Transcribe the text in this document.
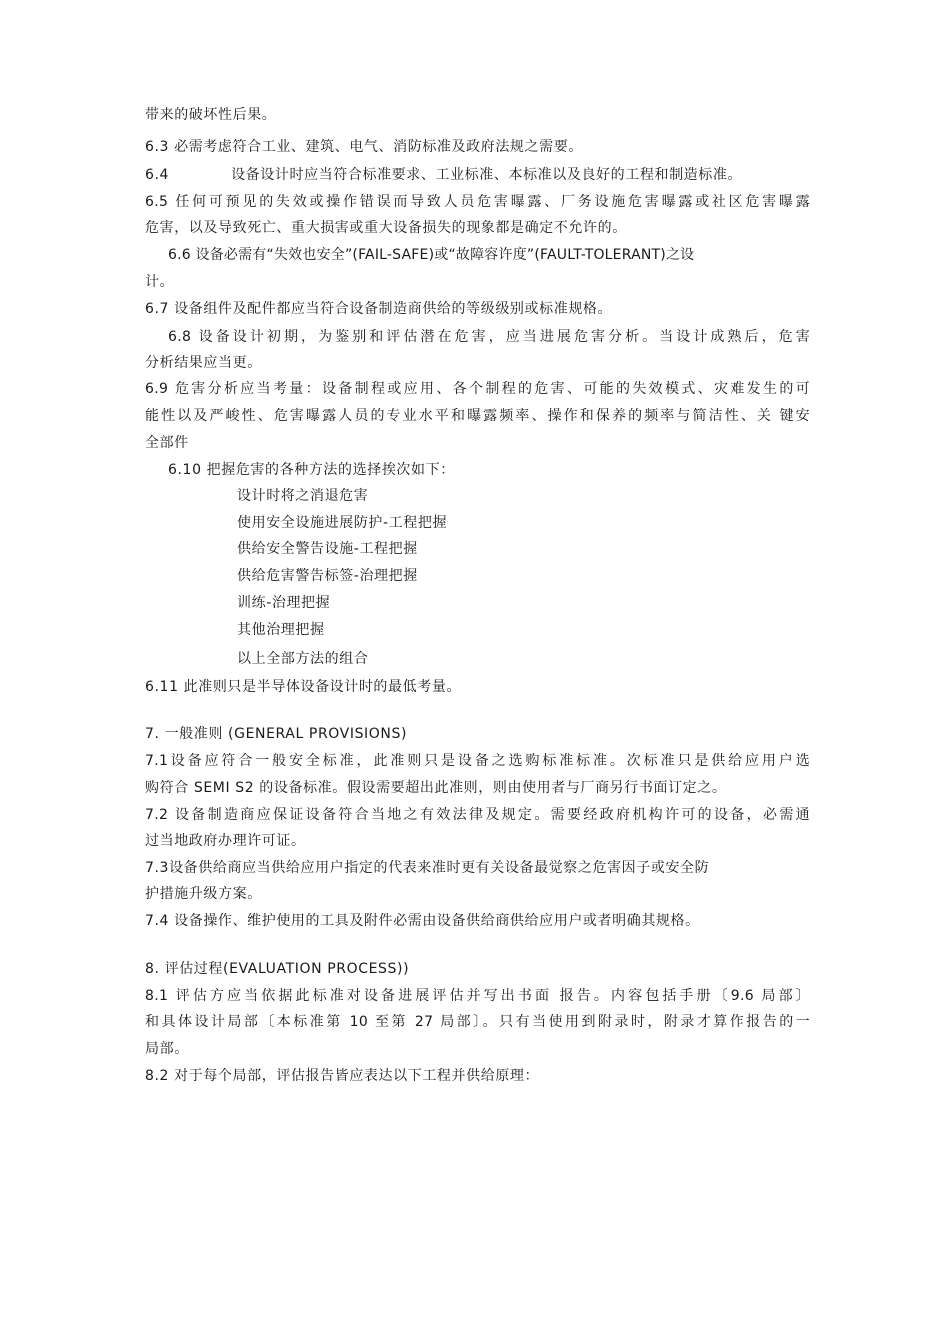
带来的破坏性后果。
6.3 必需考虑符合工业、建筑、电气、消防标准及政府法规之需要。
6.4	设备设计时应当符合标准要求、工业标准、本标准以及良好的工程和制造标准。
6.5 任何可预见的失效或操作错误而导致人员危害曝露、厂务设施危害曝露或社区危害曝露
危害，以及导致死亡、重大损害或重大设备损失的现象都是确定不允许的。
6.6 设备必需有“失效也安全”(FAIL-SAFE)或“故障容许度”(FAULT-TOLERANT)之设
计。
6.7 设备组件及配件都应当符合设备制造商供给的等级级别或标准规格。
6.8 设备设计初期，为鉴别和评估潜在危害，应当进展危害分析。当设计成熟后，危害
分析结果应当更。
6.9 危害分析应当考量：设备制程或应用、各个制程的危害、可能的失效模式、灾难发生的可
能性以及严峻性、危害曝露人员的专业水平和曝露频率、操作和保养的频率与简洁性、关 键安
全部件
6.10 把握危害的各种方法的选择挨次如下：
设计时将之消退危害
使用安全设施进展防护-工程把握
供给安全警告设施-工程把握
供给危害警告标签-治理把握
训练-治理把握
其他治理把握
以上全部方法的组合
6.11 此准则只是半导体设备设计时的最低考量。
7. 一般准则 (GENERAL PROVISIONS)
7.1设备应符合一般安全标准，此准则只是设备之选购标准标准。次标准只是供给应用户选
购符合 SEMI S2 的设备标准。假设需要超出此准则，则由使用者与厂商另行书面订定之。
7.2 设备制造商应保证设备符合当地之有效法律及规定。需要经政府机构许可的设备，必需通
过当地政府办理许可证。
7.3设备供给商应当供给应用户指定的代表来准时更有关设备最觉察之危害因子或安全防
护措施升级方案。
7.4 设备操作、维护使用的工具及附件必需由设备供给商供给应用户或者明确其规格。
8. 评估过程(EVALUATION PROCESS))
8.1 评估方应当依据此标准对设备进展评估并写出书面 报告。内容包括手册〔9.6 局部〕
和具体设计局部〔本标准第 10 至第 27 局部〕。只有当使用到附录时，附录才算作报告的一
局部。
8.2 对于每个局部，评估报告皆应表达以下工程并供给原理：
